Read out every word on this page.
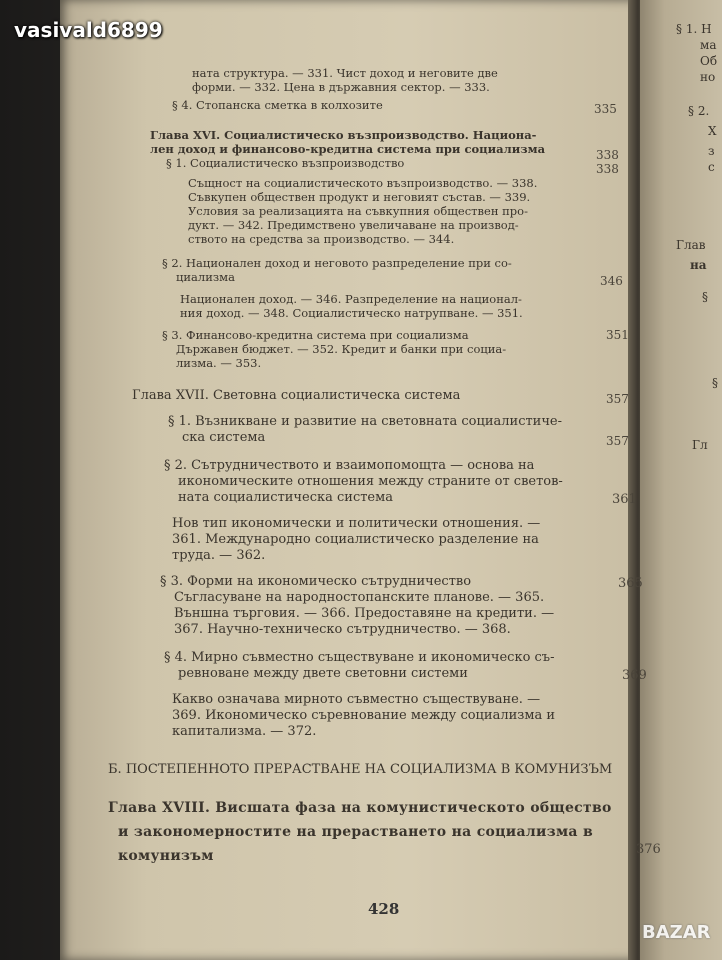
§ 1. Н
ма
Об
но
§ 2.
Х
з
с
Глав
на
§
§
Гл
ната структура. — 331. Чист доход и неговите две
форми. — 332. Цена в държавния сектор. — 333.
§ 4. Стопанска сметка в колхозите	335
Глава XVI. Социалистическо възпроизводство. Национа-
лен доход и финансово-кредитна система при социализма	338
§ 1. Социалистическо възпроизводство	338
Същност на социалистическото възпроизводство. — 338.
Съвкупен обществен продукт и неговият състав. — 339.
Условия за реализацията на съвкупния обществен про-
дукт. — 342. Предимствено увеличаване на производ-
ството на средства за производство. — 344.
§ 2. Национален доход и неговото разпределение при со-
циализма	346
Национален доход. — 346. Разпределение на национал-
ния доход. — 348. Социалистическо натрупване. — 351.
§ 3. Финансово-кредитна система при социализма	351
Държавен бюджет. — 352. Кредит и банки при социа-
лизма. — 353.
Глава XVII. Световна социалистическа система	357
§ 1. Възникване и развитие на световната социалистиче-
ска система	357
§ 2. Сътрудничеството и взаимопомощта — основа на
икономическите отношения между страните от светов-
ната социалистическа система	361
Нов тип икономически и политически отношения. —
361. Международно социалистическо разделение на
труда. — 362.
§ 3. Форми на икономическо сътрудничество	365
Съгласуване на народностопанските планове. — 365.
Външна търговия. — 366. Предоставяне на кредити. —
367. Научно-техническо сътрудничество. — 368.
§ 4. Мирно съвместно съществуване и икономическо съ-
ревноване между двете световни системи	369
Какво означава мирното съвместно съществуване. —
369. Икономическо съревнование между социализма и
капитализма. — 372.
Б. ПОСТЕПЕННОТО ПРЕРАСТВАНЕ НА СОЦИАЛИЗМА В КОМУНИЗЪМ
Глава XVIII. Висшата фаза на комунистическото общество
и закономерностите на прерастването на социализма в
комунизъм	376
428
vasivald6899
BAZAR
